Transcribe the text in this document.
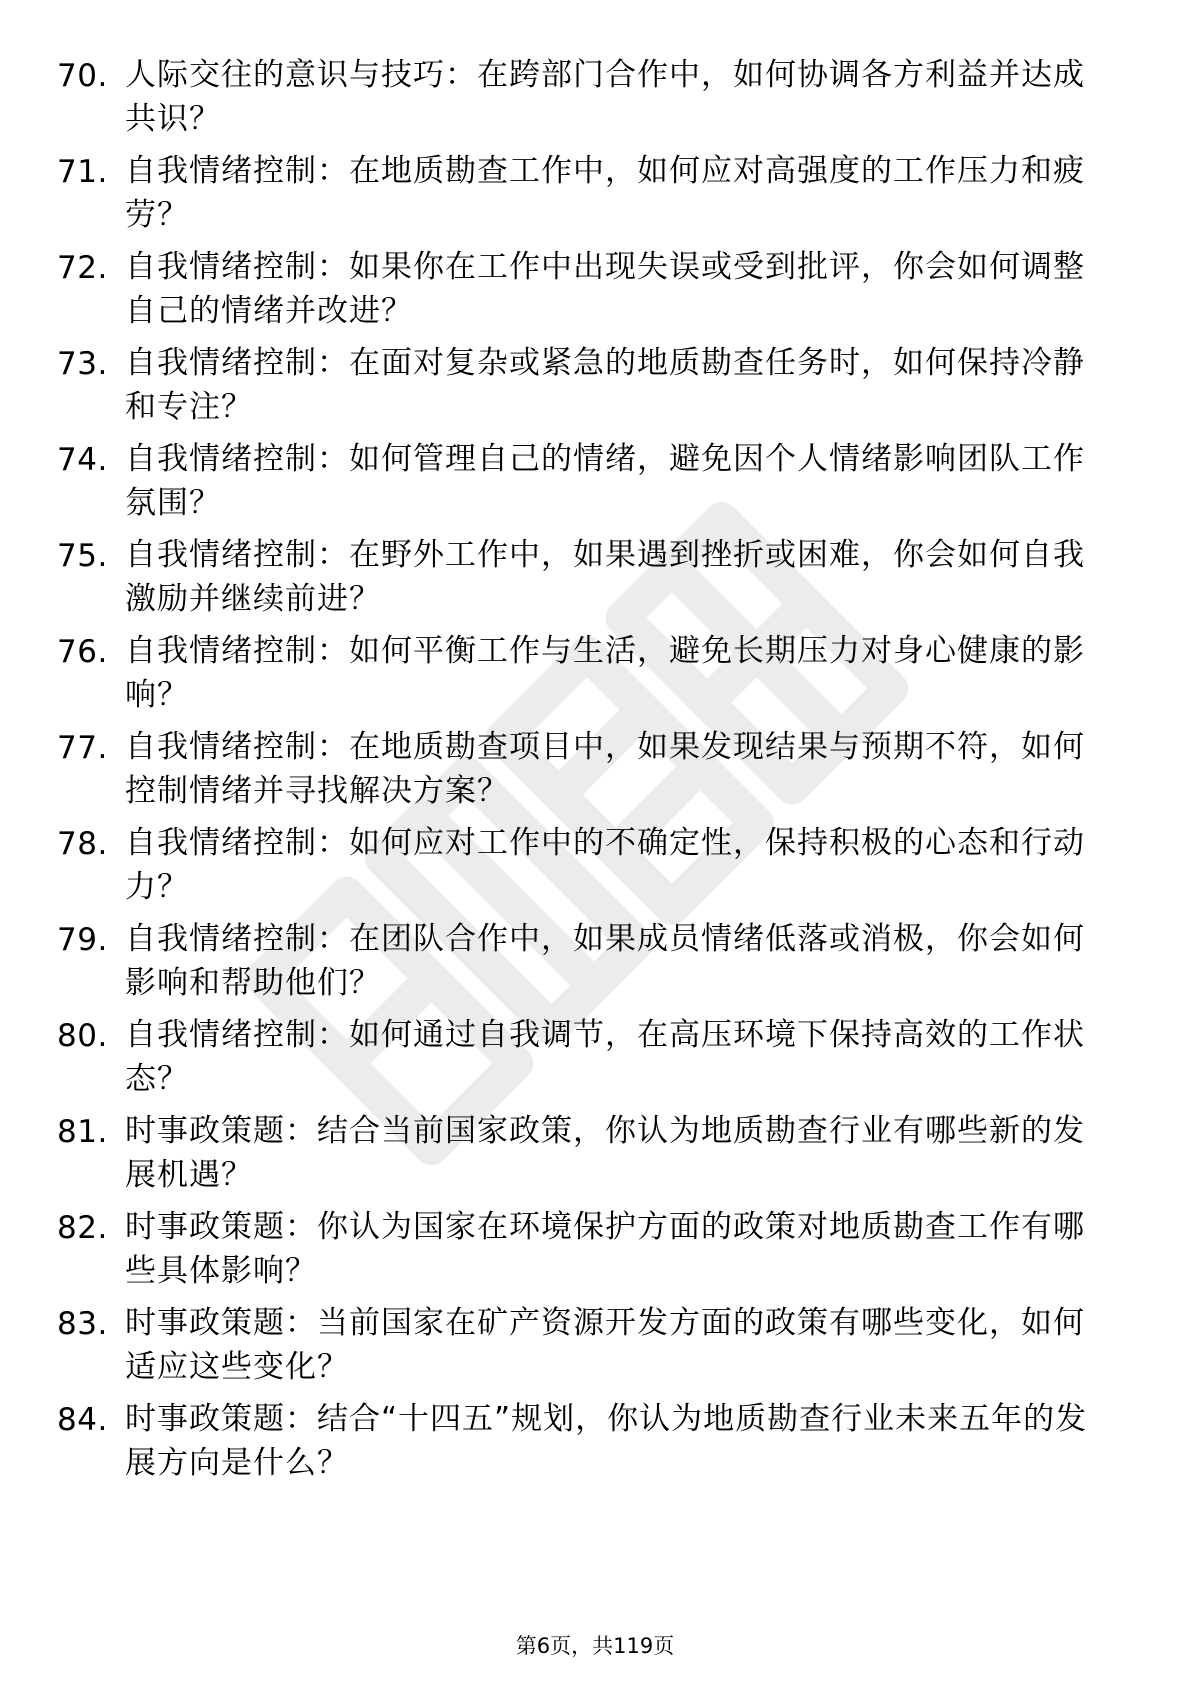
70. 人际交往的意识与技巧：在跨部门合作中，如何协调各方利益并达成共识？
71. 自我情绪控制：在地质勘查工作中，如何应对高强度的工作压力和疲劳？
72. 自我情绪控制：如果你在工作中出现失误或受到批评，你会如何调整自己的情绪并改进？
73. 自我情绪控制：在面对复杂或紧急的地质勘查任务时，如何保持冷静和专注？
74. 自我情绪控制：如何管理自己的情绪，避免因个人情绪影响团队工作氛围？
75. 自我情绪控制：在野外工作中，如果遇到挫折或困难，你会如何自我激励并继续前进？
76. 自我情绪控制：如何平衡工作与生活，避免长期压力对身心健康的影响？
77. 自我情绪控制：在地质勘查项目中，如果发现结果与预期不符，如何控制情绪并寻找解决方案？
78. 自我情绪控制：如何应对工作中的不确定性，保持积极的心态和行动力？
79. 自我情绪控制：在团队合作中，如果成员情绪低落或消极，你会如何影响和帮助他们？
80. 自我情绪控制：如何通过自我调节，在高压环境下保持高效的工作状态？
81. 时事政策题：结合当前国家政策，你认为地质勘查行业有哪些新的发展机遇？
82. 时事政策题：你认为国家在环境保护方面的政策对地质勘查工作有哪些具体影响？
83. 时事政策题：当前国家在矿产资源开发方面的政策有哪些变化，如何适应这些变化？
84. 时事政策题：结合“十四五”规划，你认为地质勘查行业未来五年的发展方向是什么？
第6页，共119页
